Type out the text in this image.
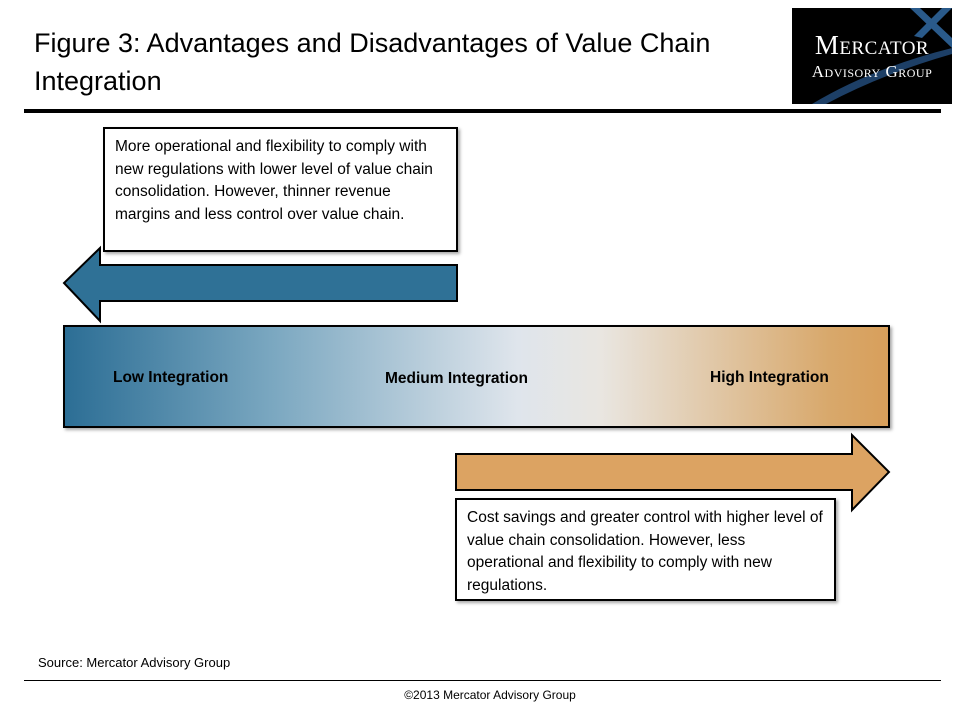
Figure 3: Advantages and Disadvantages of Value Chain Integration
Mercator
Advisory Group
More operational and flexibility to comply with new regulations with lower level of value chain consolidation. However, thinner revenue margins and less control over value chain.
Low Integration	Medium Integration	High Integration
Cost savings and greater control with higher level of value chain consolidation. However, less operational and flexibility to comply with new regulations.
Source: Mercator Advisory Group
©2013 Mercator Advisory Group
